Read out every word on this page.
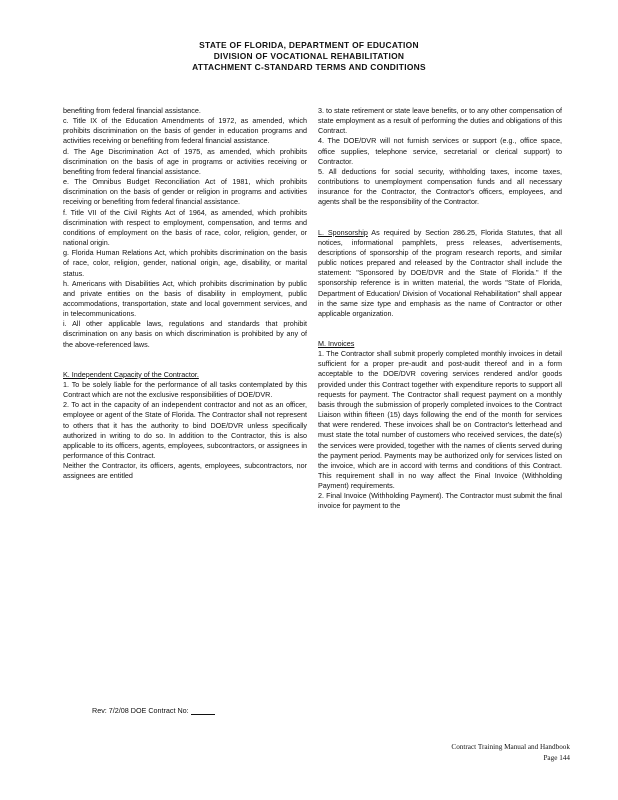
STATE OF FLORIDA, DEPARTMENT OF EDUCATION
DIVISION OF VOCATIONAL REHABILITATION
ATTACHMENT C-STANDARD TERMS AND CONDITIONS

benefiting from federal financial assistance.

c. Title IX of the Education Amendments of 1972, as amended, which prohibits discrimination on the basis of gender in education programs and activities receiving or benefiting from federal financial assistance.

d. The Age Discrimination Act of 1975, as amended, which prohibits discrimination on the basis of age in programs or activities receiving or benefiting from federal financial assistance.

e. The Omnibus Budget Reconciliation Act of 1981, which prohibits discrimination on the basis of gender or religion in programs and activities receiving or benefiting from federal financial assistance.

f. Title VII of the Civil Rights Act of 1964, as amended, which prohibits discrimination with respect to employment, compensation, and terms and conditions of employment on the basis of race, color, religion, gender, or national origin.

g. Florida Human Relations Act, which prohibits discrimination on the basis of race, color, religion, gender, national origin, age, disability, or marital status.

h. Americans with Disabilities Act, which prohibits discrimination by public and private entities on the basis of disability in employment, public accommodations, transportation, state and local government services, and in telecommunications.

i. All other applicable laws, regulations and standards that prohibit discrimination on any basis on which discrimination is prohibited by any of the above-referenced laws.

K. Independent Capacity of the Contractor.

1. To be solely liable for the performance of all tasks contemplated by this Contract which are not the exclusive responsibilities of DOE/DVR.

2. To act in the capacity of an independent contractor and not as an officer, employee or agent of the State of Florida. The Contractor shall not represent to others that it has the authority to bind DOE/DVR unless specifically authorized in writing to do so. In addition to the Contractor, this is also applicable to its officers, agents, employees, subcontractors, or assignees in performance of this Contract.

Neither the Contractor, its officers, agents, employees, subcontractors, nor assignees are entitled

3. to state retirement or state leave benefits, or to any other compensation of state employment as a result of performing the duties and obligations of this Contract.

4. The DOE/DVR will not furnish services or support (e.g., office space, office supplies, telephone service, secretarial or clerical support) to Contractor.

5. All deductions for social security, withholding taxes, income taxes, contributions to unemployment compensation funds and all necessary insurance for the Contractor, the Contractor's officers, employees, and agents shall be the responsibility of the Contractor.

L. Sponsorship As required by Section 286.25, Florida Statutes, that all notices, informational pamphlets, press releases, advertisements, descriptions of sponsorship of the program research reports, and similar public notices prepared and released by the Contractor shall include the statement: "Sponsored by DOE/DVR and the State of Florida." If the sponsorship reference is in written material, the words "State of Florida, Department of Education/ Division of Vocational Rehabilitation" shall appear in the same size type and emphasis as the name of Contractor or other applicable organization.

M. Invoices

1. The Contractor shall submit properly completed monthly invoices in detail sufficient for a proper pre-audit and post-audit thereof and in a form acceptable to the DOE/DVR covering services rendered and/or goods provided under this Contract together with expenditure reports to support all requests for payment. The Contractor shall request payment on a monthly basis through the submission of properly completed invoices to the Contract Liaison within fifteen (15) days following the end of the month for services that were rendered. These invoices shall be on Contractor's letterhead and must state the total number of customers who received services, the date(s) the services were provided, together with the names of clients served during the payment period. Payments may be authorized only for services listed on the invoice, which are in accord with terms and conditions of this Contract. This requirement shall in no way affect the Final Invoice (Withholding Payment) requirements.

2. Final Invoice (Withholding Payment). The Contractor must submit the final invoice for payment to the

Rev: 7/2/08 DOE Contract No:
Contract Training Manual and Handbook
Page 144
